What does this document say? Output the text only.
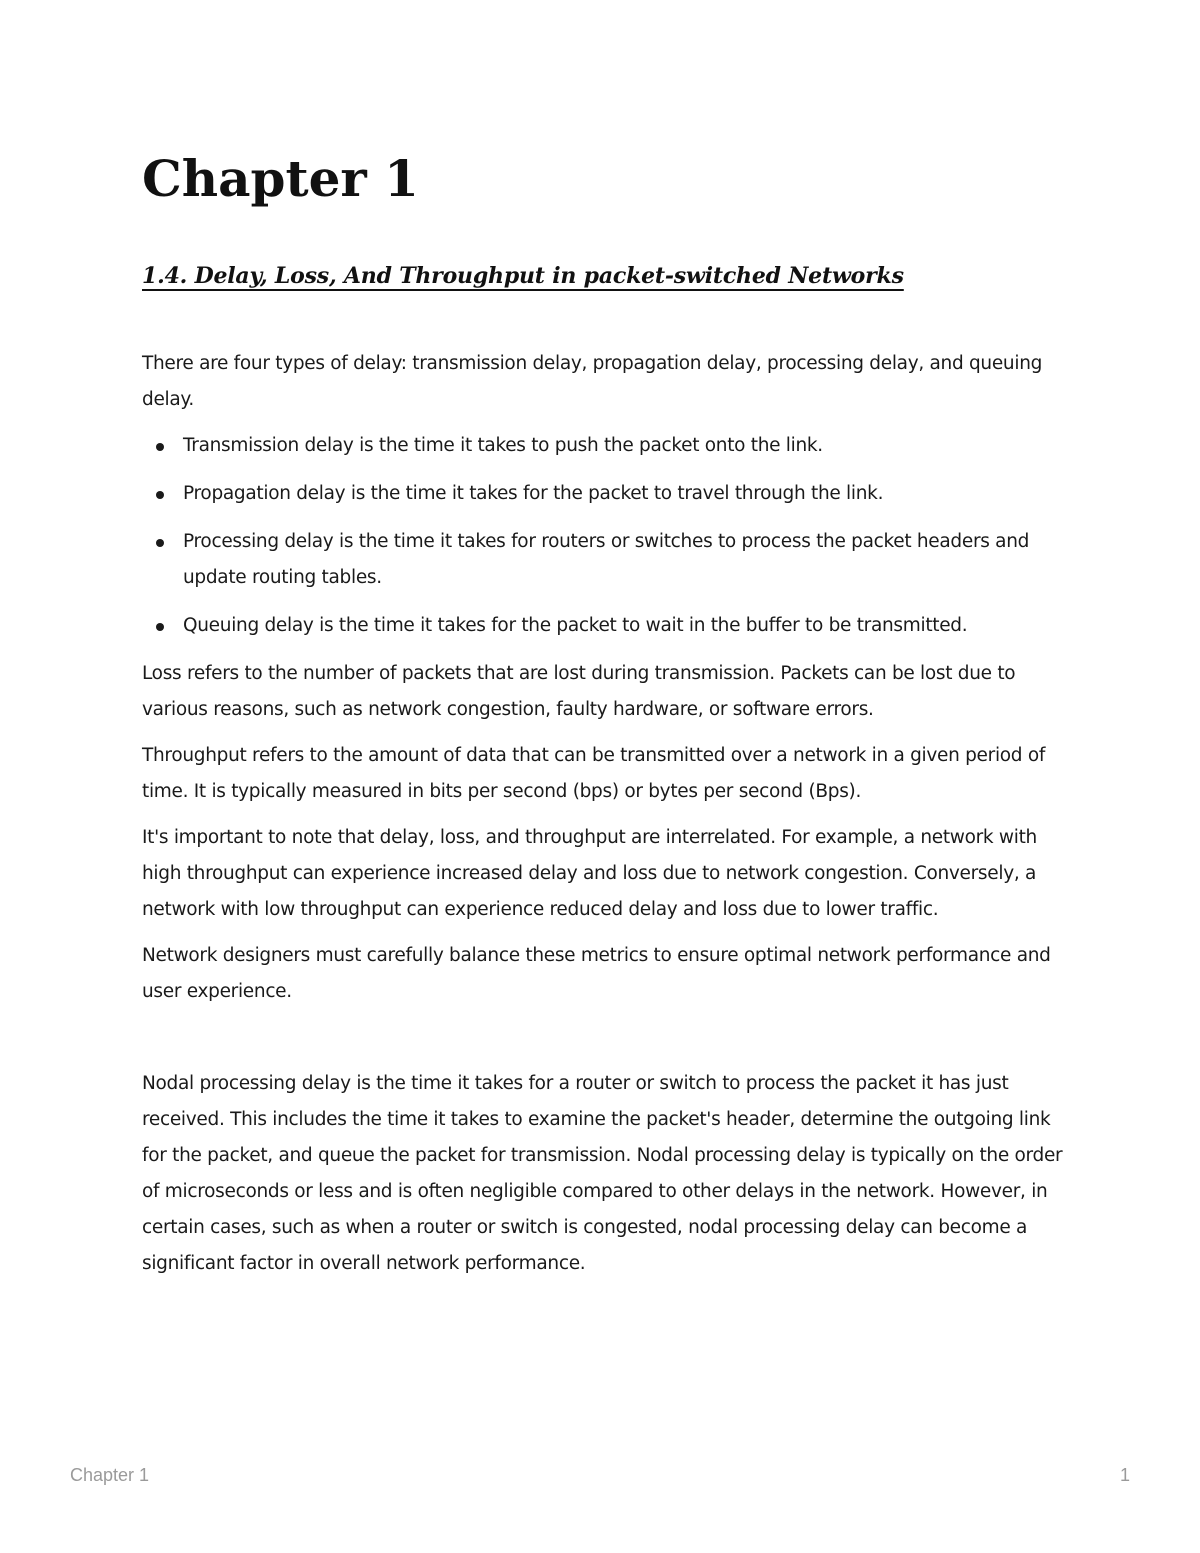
Chapter 1
1.4. Delay, Loss, And Throughput in packet-switched Networks

There are four types of delay: transmission delay, propagation delay, processing delay, and queuing delay.

Transmission delay is the time it takes to push the packet onto the link.
Propagation delay is the time it takes for the packet to travel through the link.
Processing delay is the time it takes for routers or switches to process the packet headers and update routing tables.
Queuing delay is the time it takes for the packet to wait in the buffer to be transmitted.

Loss refers to the number of packets that are lost during transmission. Packets can be lost due to various reasons, such as network congestion, faulty hardware, or software errors.

Throughput refers to the amount of data that can be transmitted over a network in a given period of time. It is typically measured in bits per second (bps) or bytes per second (Bps).

It's important to note that delay, loss, and throughput are interrelated. For example, a network with high throughput can experience increased delay and loss due to network congestion. Conversely, a network with low throughput can experience reduced delay and loss due to lower traffic.

Network designers must carefully balance these metrics to ensure optimal network performance and user experience.

Nodal processing delay is the time it takes for a router or switch to process the packet it has just received. This includes the time it takes to examine the packet's header, determine the outgoing link for the packet, and queue the packet for transmission. Nodal processing delay is typically on the order of microseconds or less and is often negligible compared to other delays in the network. However, in certain cases, such as when a router or switch is congested, nodal processing delay can become a significant factor in overall network performance.

Chapter 1	1
